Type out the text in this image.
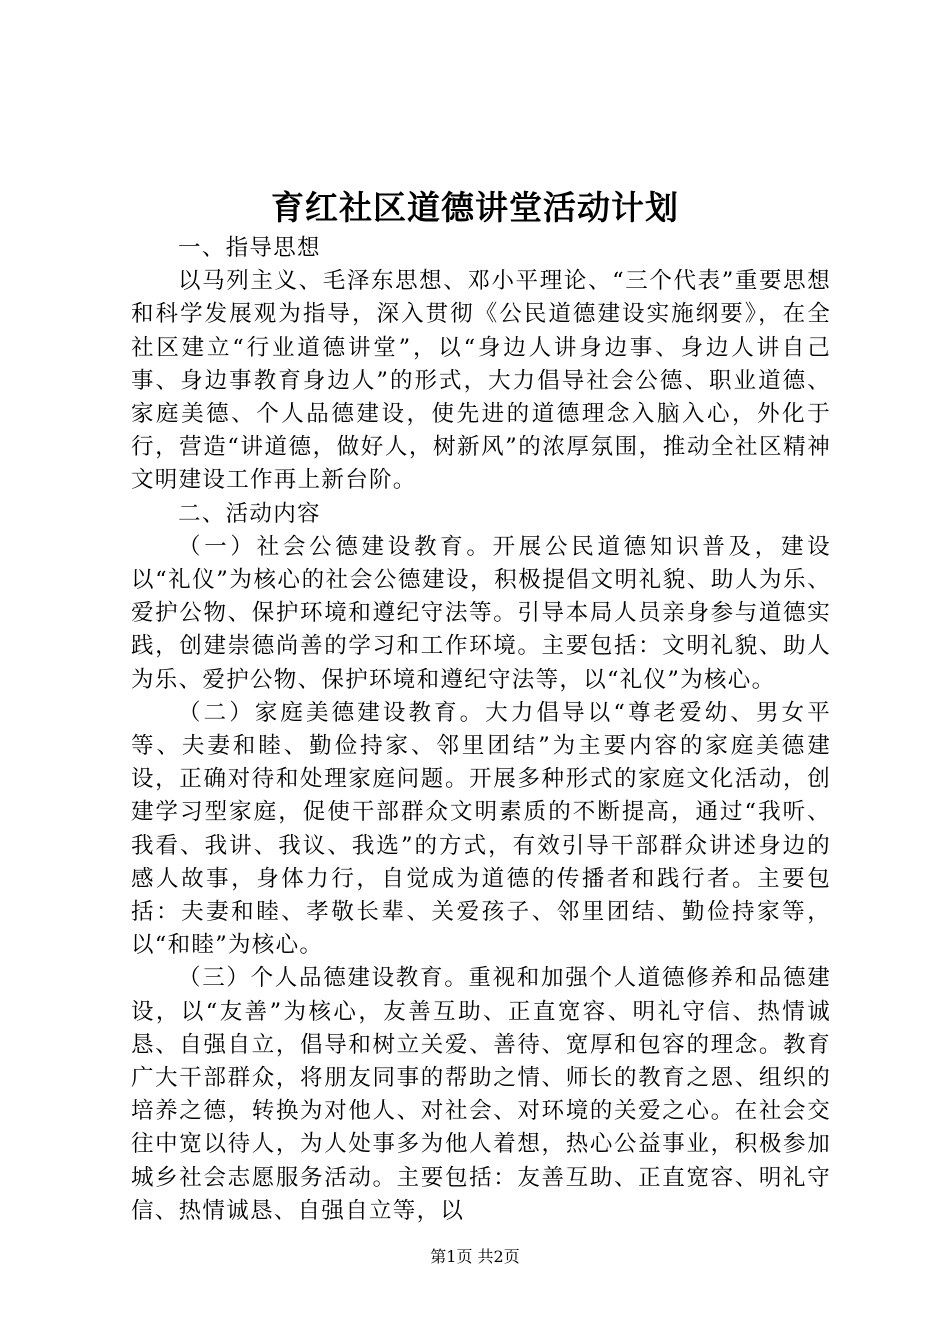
育红社区道德讲堂活动计划

一、指导思想

以马列主义、毛泽东思想、邓小平理论、“三个代表”重要思想和科学发展观为指导，深入贯彻《公民道德建设实施纲要》，在全社区建立“行业道德讲堂”，以“身边人讲身边事、身边人讲自己事、身边事教育身边人”的形式，大力倡导社会公德、职业道德、家庭美德、个人品德建设，使先进的道德理念入脑入心，外化于行，营造“讲道德，做好人，树新风”的浓厚氛围，推动全社区精神文明建设工作再上新台阶。

二、活动内容

（一）社会公德建设教育。开展公民道德知识普及，建设以“礼仪”为核心的社会公德建设，积极提倡文明礼貌、助人为乐、爱护公物、保护环境和遵纪守法等。引导本局人员亲身参与道德实践，创建崇德尚善的学习和工作环境。主要包括：文明礼貌、助人为乐、爱护公物、保护环境和遵纪守法等，以“礼仪”为核心。

（二）家庭美德建设教育。大力倡导以“尊老爱幼、男女平等、夫妻和睦、勤俭持家、邻里团结”为主要内容的家庭美德建设，正确对待和处理家庭问题。开展多种形式的家庭文化活动，创建学习型家庭，促使干部群众文明素质的不断提高，通过“我听、我看、我讲、我议、我选”的方式，有效引导干部群众讲述身边的感人故事，身体力行，自觉成为道德的传播者和践行者。主要包括：夫妻和睦、孝敬长辈、关爱孩子、邻里团结、勤俭持家等，以“和睦”为核心。

（三）个人品德建设教育。重视和加强个人道德修养和品德建设，以“友善”为核心，友善互助、正直宽容、明礼守信、热情诚恳、自强自立，倡导和树立关爱、善待、宽厚和包容的理念。教育广大干部群众，将朋友同事的帮助之情、师长的教育之恩、组织的培养之德，转换为对他人、对社会、对环境的关爱之心。在社会交往中宽以待人，为人处事多为他人着想，热心公益事业，积极参加城乡社会志愿服务活动。主要包括：友善互助、正直宽容、明礼守信、热情诚恳、自强自立等，以

第1页 共2页
